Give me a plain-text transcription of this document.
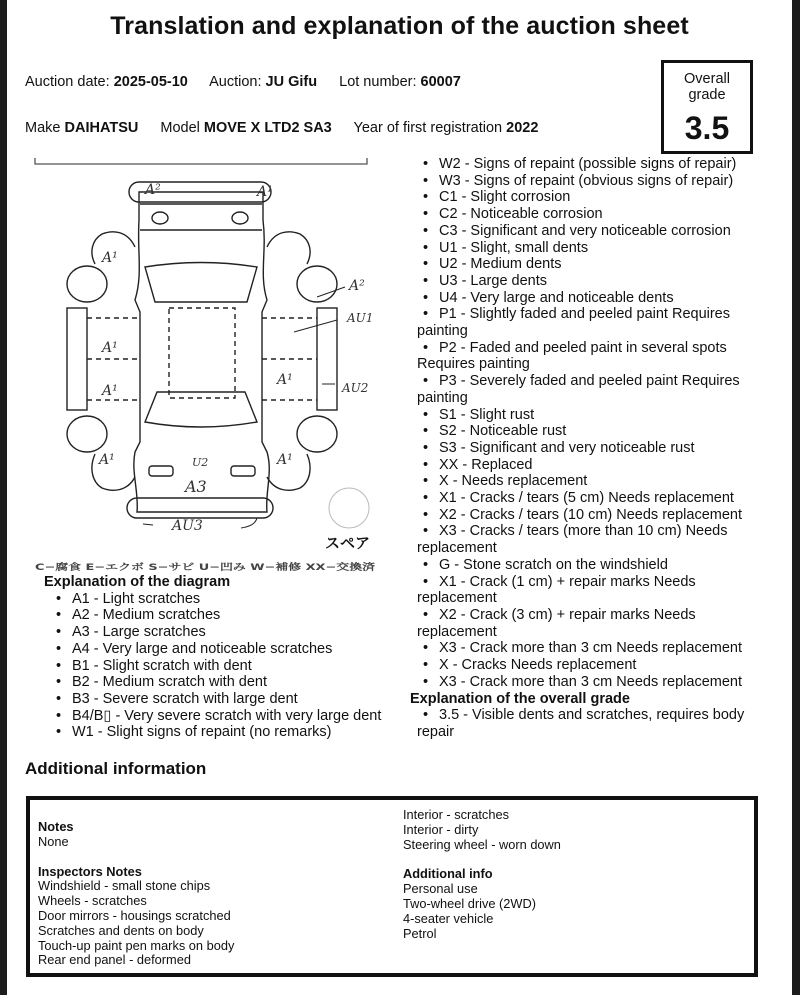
Translation and explanation of the auction sheet
Auction date: 2025-05-10 Auction: JU Gifu Lot number: 60007
Make DAIHATSU Model MOVE X LTD2 SA3 Year of first registration 2022
Overall grade
3.5
A²	A¹
A¹
A²
AU1
A¹
A¹
A¹	AU2
A¹	A¹
U2
A3
AU3
スペア
C−腐食 E−エクボ S−サビ U−凹み W−補修 XX−交換済
Explanation of the diagram
• A1 - Light scratches
• A2 - Medium scratches
• A3 - Large scratches
• A4 - Very large and noticeable scratches
• B1 - Slight scratch with dent
• B2 - Medium scratch with dent
• B3 - Severe scratch with large dent
• B4/B▯ - Very severe scratch with very large dent
• W1 - Slight signs of repaint (no remarks)
• W2 - Signs of repaint (possible signs of repair)
• W3 - Signs of repaint (obvious signs of repair)
• C1 - Slight corrosion
• C2 - Noticeable corrosion
• C3 - Significant and very noticeable corrosion
• U1 - Slight, small dents
• U2 - Medium dents
• U3 - Large dents
• U4 - Very large and noticeable dents
• P1 - Slightly faded and peeled paint Requires painting
• P2 - Faded and peeled paint in several spots Requires painting
• P3 - Severely faded and peeled paint Requires painting
• S1 - Slight rust
• S2 - Noticeable rust
• S3 - Significant and very noticeable rust
• XX - Replaced
• X - Needs replacement
• X1 - Cracks / tears (5 cm) Needs replacement
• X2 - Cracks / tears (10 cm) Needs replacement
• X3 - Cracks / tears (more than 10 cm) Needs replacement
• G - Stone scratch on the windshield
• X1 - Crack (1 cm) + repair marks Needs replacement
• X2 - Crack (3 cm) + repair marks Needs replacement
• X3 - Crack more than 3 cm Needs replacement
• X - Cracks Needs replacement
• X3 - Crack more than 3 cm Needs replacement
Explanation of the overall grade
• 3.5 - Visible dents and scratches, requires body repair
Additional information
Notes
None
Inspectors Notes
Windshield - small stone chips
Wheels - scratches
Door mirrors - housings scratched
Scratches and dents on body
Touch-up paint pen marks on body
Rear end panel - deformed
Interior - scratches
Interior - dirty
Steering wheel - worn down
Additional info
Personal use
Two-wheel drive (2WD)
4-seater vehicle
Petrol
